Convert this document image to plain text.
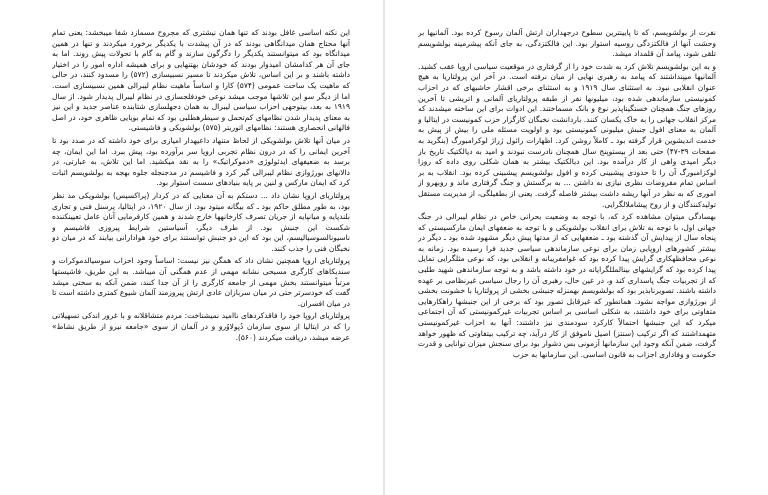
این نکته اساسی غافل بودند که تنها همان نیشتری که مجروح مسمازد شفا میبخشد: یعنی تمام آنها محتاج همان میدانگاهی بودند که در آن پیشدت با یکدیگر برخورد میکردند و تنها در همین میدانگاه بود که میتوانستند یکدیگر را دگرگون سازند و گام به گام با تحولات پیش روند. اما به جای آن هر کدامشان امیدوار بودند که خودشان بهتنهایی و برای همیشه اداره امور را در اختیار داشته باشند و بر این اساس، تلاش میکردند تا مسیر نسبیسازی (۵۷۲) را مسدود کنند، در حالی که ماهیت یک ساحت عمومی (۵۷۴) کارا و اساساً ماهیت نظام لیبرالی همین نسبیسازی است. اما از دیگر سو این تلاشها موجب میشد نوعی خودفلجسازی در نظام لیبرال پدیدار شود. از سال ۱۹۱۹ به بعد، بیتوجهی احزاب سیاسی لیبرال به همان دجهلسازی شتابنده عناصر جدید و این نیز به معنای پدیدار شدن نظامهای کم‌تحمل و سیطرهطلبی بود که تمام بویایی ظاهری خود، در اصل فالهانی انحصاری هستند: نظامهای اتوریتر (۵۷۵) بولشویکی و فاشیستی.

در میان آنها تلاش بولشویکی از لحاظ متنهاد داعیهدار امیازی برای خود داشته که در صدد بود تا آخرین ایمانی را که در درون نظام تجربی اروپا سر برآورده بود، پیش ببرد. اما این ایمان، چه برسد به ضعیفهای ایدئولوژی «دموکراتیک» را به نقد میکشید. اما این تلاش، به عبارتی، در دالانهای بورژوازی نظام لیبرالی گیر کرد و فاشیسم در مدجنجله جلوه بهجه به بولشویسم اثبات کرد که ایمان مارکس و لنین بر پایه بنیادهای سست استوار بود.

پرولتاریای اروپا نشان داد ... دستکم به آن معنایی که در کردار (پراکسیس) بولشویکی مد نظر بود، به طور مطلق حاکم بود ـ که بیگانه میتود بود. از سال ۱۹۲۰، در ایتالیا، پرسنل فنی و تجاری بلندپایه و میانپایه از جریان تصرف کارخانهها خارج شدند و همین کارفرمایی آنان عامل تعیینکننده شکست این جنبش بود. از طرف دیگر، آسیاستین شرایط پیروزی فاشیسم و ناسیونالسوسیالیسم، این بود که این دو جنبش توانستند برای خود هوادارانی بیابند که در میان دو نخبگان فنی را جذب کنند.

پرولتاریای اروپا همچنین نشان داد که همگن نیز نیست: اساساً وجود احزاب سوسیالدموکرات و سندیکاهای کارگری مسیحی نشانه مهمی از عدم همگنی آن میباشد. به این طریق، فاشیستها مرتباً میتوانستند بخش مهمی از جامعه کارگری را از آن جدا کنند، ضمن آنکه به سختی میشد گفت که خودسرتر حتی در میان سربازان عادی ارتش پیروزمند آلمان شیوع کمتری داشته است تا در میان افسران.

پرولتاریای اروپا خود را فاقدکردهای ناامید نمیشناخت: مردم متشاقلانه و با غرور اندکی تسهیلاتی را که در ایتالیا از سوی سازمان دُپولاوُرو و در آلمان از سوی «جامعه نیرو از طریق نشاط» عرضه میشد، دریافت میکردند (۵۶۰).

نفرت از بولشویسم، که تا پایینترین سطوح درجهداران ارتش آلمان رسوخ کرده بود. آلمانیها بر وحشت آنها از فالکتزدگی روسیه استوار بود. این فالکتزدگی، به جای آنکه پیشرمینه بولشویسم تلقی شود، پیامد آن قلمداد میشد.

و به این بولشویسم تلاش کرد به شدت خود را از گرفتاری در موقعیت سیاسی اروپا عقب کشید. آلمانیها میپنداشتند که پیامد به رهبری نهایی از میان نرفته است. در آخر این پرولتاریا به هیچ عنوان انقلابی نبود. به استثنای سال ۱۹۱۹ و به استثنای برخی اقشار حاشیهای که در احزاب کمونیستی سازماندهی شده بود، میلیونها نفر از طبقه پرولتاریای آلمانی و اتریشی تا آخرین روزهای جنگ همچنان خستگیناپذیر نوع و بانک مسماختند. این ادوات برای این ساخته میشدند که مرکز انقلاب جهانی را به خاک یکسان کنند. باردانشت نخبگان کارگزار حزب کمونیست در ایتالیا و آلمان به معنای افول جنبش میلیونی کمونیستی بود و اولویت مسئله ملی را بیش از پیش به خدمت اندیشوین قرار گرفته بود ـ کاملاً روشن کرد. اظهارات رائول ژراژ لوکرامبورگ (بنگرید به صفحات ۳۹-۴۷) حتی بعد از بیستوپنج سال همچنان نادرست نبودند و امید به دیالکتیک تاریخ باز دیگر امیدی واهی از کار درآمده بود. این دیالکتیک بیشتر به همان شکلی روی داده که روزا لوکزامبورگ آن را تا حدودی پیشبینی کرده و افول بولشویسم پیشبینی کرده بود. انقلاب به بر اساس تمام مفروضات نظری نیازی به داشتن ... به برگستش و جنگ گرفتاری ماند و روبهرو از اموری که به نظر در آنها ریشه داشت بیشتر فاصله گرفت. یعنی از بطفیلگی، از مدیریت مستقل تولیدکنندگان و از روح پیشاملالگرایی.

بهسادگی میتوان مشاهده کرد که، با توجه به وضعیت بحرانی خاص در نظام لیبرالی در جنگ جهانی اول، با توجه به تلاش برای انقلاب بولشویکی و با توجه به ضعفهای ایمان مارکسیستی که پنجاه سال از پیدایش آن گذشته بود ـ ضعفهایی که از مدتها پیش دیگر مشهود شده بود ـ دیگر در بیشتر کشورهای اروپایی زمان برای نوعی سازماندهی سیاسی جدید فرا رسیده بود. زمانه به نوعی محافظهکاری گرایش پیدا کرده بود که غوامفریبانه و انقلابی بود، که نوعی مثلگرایی تمایل پیدا کرده بود که گرایشهای بینالمللگرایانه در خود داشته باشد و به توجه سازماندهی شهید طلبی که از تجربیات جنگ پاسداری کند و، در عین حال، رهبری آن را رجال سیاسی غیرنظامی بر عهده داشته باشند. تصویرنابذیر بود که بولشویسم بهمنزله جنبشی بخشی از پرولتاریا با خشونت بخشی از بورژوازی مواجه نشود. همانطور که غیرقابل تصور بود که برخی از این جنبشها راهکارهایی متفاوتی برای خود داشتند، به شکلی اساسی بر اساس تجربیات غیرکمونیستی که آن اجتماعی میکرد که این جنبشها احتمالاً کارکرد سودمندی نیز داشتند: آنها به احزاب غیرکمونیستی متهمداشتند که اگر ترکیب (سنتز) اصیل ناموفق از کار درآید، چه ترکیب بیتفاوتی که ظهور خواهد گرفت، ضمن آنکه وجود این سازمانها آزمونی بس دشوار بود برای سنجش میزان توانایی و قدرت حکومت و وفاداری اجزاب به قانون اساسی. این سازمانها به حزب
